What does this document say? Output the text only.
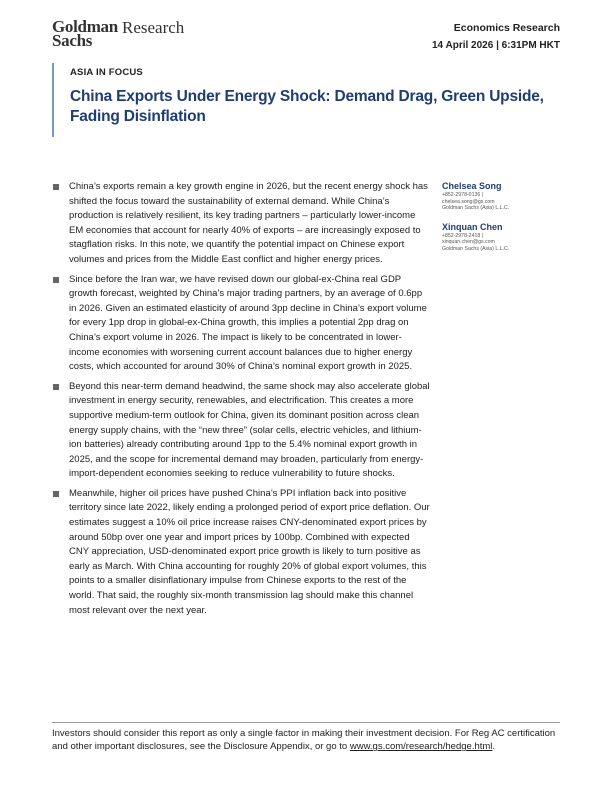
Goldman
Sachs
Research	Economics Research
14 April 2026 | 6:31PM HKT
ASIA IN FOCUS
China Exports Under Energy Shock: Demand Drag, Green Upside, Fading Disinflation
China’s exports remain a key growth engine in 2026, but the recent energy shock has shifted the focus toward the sustainability of external demand. While China’s production is relatively resilient, its key trading partners – particularly lower-income EM economies that account for nearly 40% of exports – are increasingly exposed to stagflation risks. In this note, we quantify the potential impact on Chinese export volumes and prices from the Middle East conflict and higher energy prices.
Since before the Iran war, we have revised down our global-ex-China real GDP growth forecast, weighted by China’s major trading partners, by an average of 0.6pp in 2026. Given an estimated elasticity of around 3pp decline in China’s export volume for every 1pp drop in global-ex-China growth, this implies a potential 2pp drag on China’s export volume in 2026. The impact is likely to be concentrated in lower-income economies with worsening current account balances due to higher energy costs, which accounted for around 30% of China’s nominal export growth in 2025.
Beyond this near-term demand headwind, the same shock may also accelerate global investment in energy security, renewables, and electrification. This creates a more supportive medium-term outlook for China, given its dominant position across clean energy supply chains, with the “new three” (solar cells, electric vehicles, and lithium-ion batteries) already contributing around 1pp to the 5.4% nominal export growth in 2025, and the scope for incremental demand may broaden, particularly from energy-import-dependent economies seeking to reduce vulnerability to future shocks.
Meanwhile, higher oil prices have pushed China’s PPI inflation back into positive territory since late 2022, likely ending a prolonged period of export price deflation. Our estimates suggest a 10% oil price increase raises CNY-denominated export prices by around 50bp over one year and import prices by 100bp. Combined with expected CNY appreciation, USD-denominated export price growth is likely to turn positive as early as March. With China accounting for roughly 20% of global export volumes, this points to a smaller disinflationary impulse from Chinese exports to the rest of the world. That said, the roughly six-month transmission lag should make this channel most relevant over the next year.
Chelsea Song
+852-2978-0136 |
chelsea.song@gs.com
Goldman Sachs (Asia) L.L.C.
Xinquan Chen
+852-2978-2418 |
xinquan.chen@gs.com
Goldman Sachs (Asia) L.L.C.

Investors should consider this report as only a single factor in making their investment decision. For Reg AC certification and other important disclosures, see the Disclosure Appendix, or go to www.gs.com/research/hedge.html.
